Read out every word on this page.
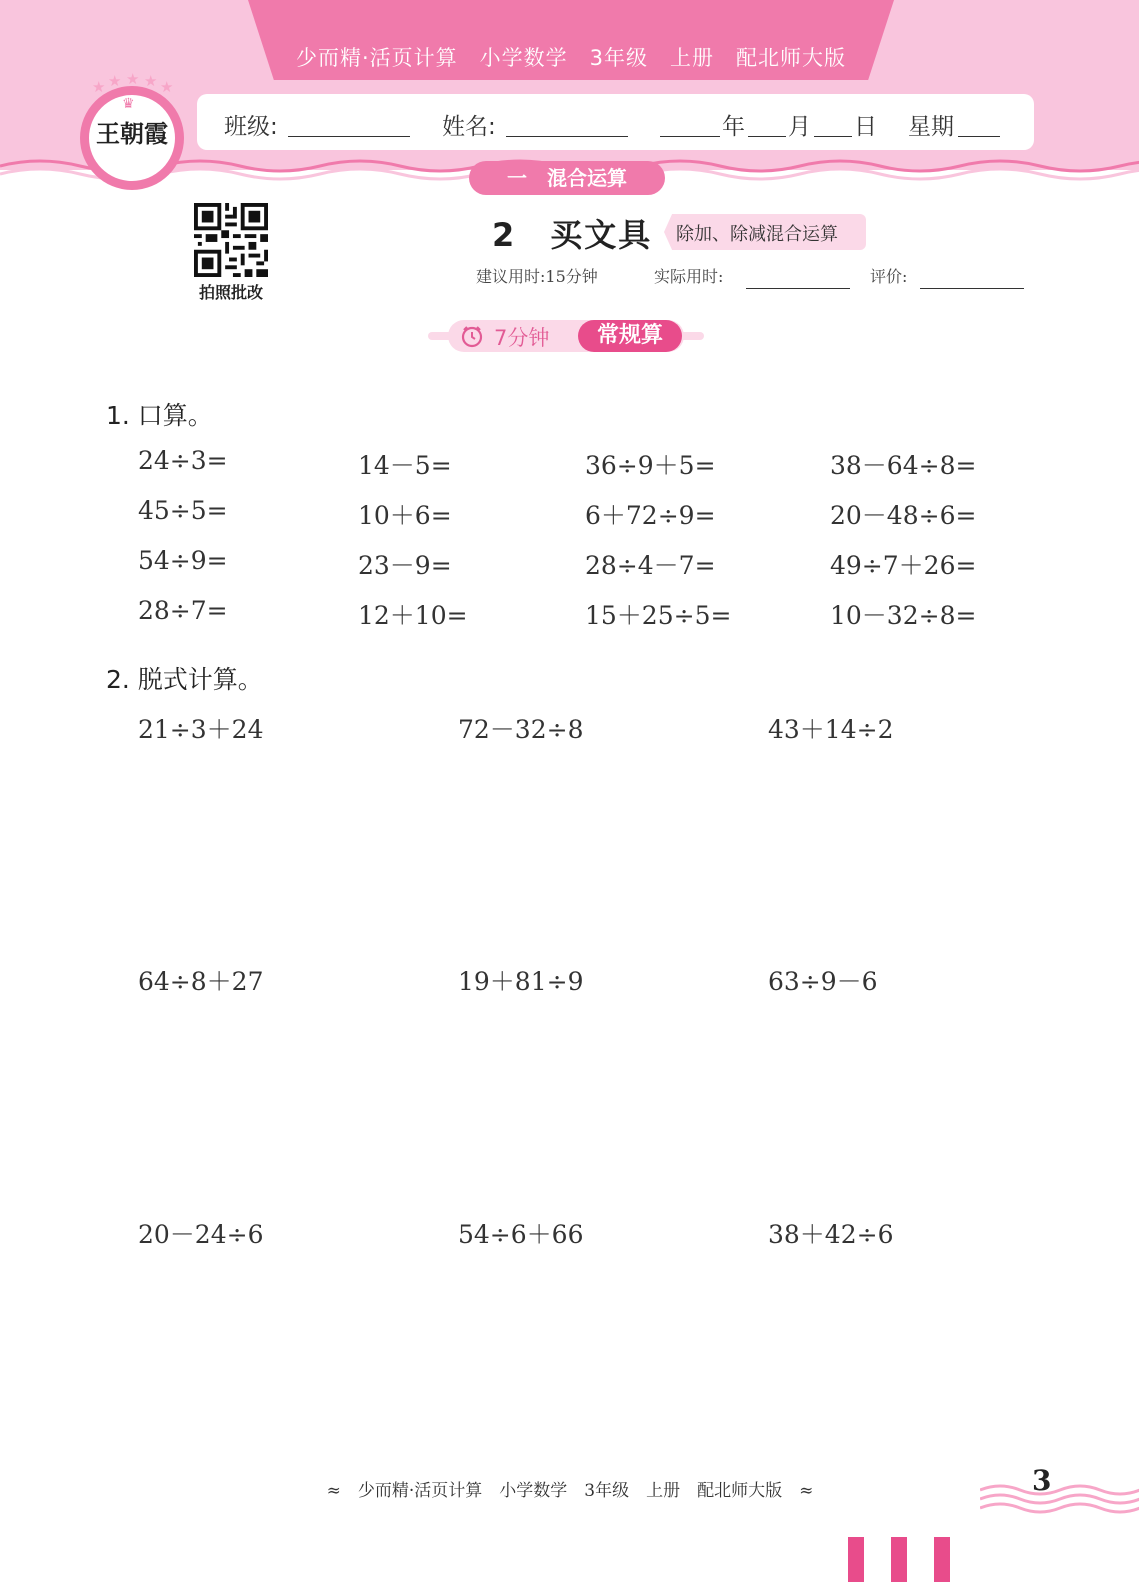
少而精·活页计算　小学数学　3年级　上册　配北师大版
班级:	姓名:	年 月 日 星期
★ ★ ★ ★ ★
♛
王朝霞
一　混合运算
拍照批改
2　买文具 除加、除减混合运算
建议用时:15分钟	实际用时:	评价:
7分钟	常规算
1. 口算。
24÷3=	14－5=	36÷9＋5=	38－64÷8=
45÷5=	10＋6=	6＋72÷9=	20－48÷6=
54÷9=	23－9=	28÷4－7=	49÷7＋26=
28÷7=	12＋10=	15＋25÷5=	10－32÷8=
2. 脱式计算。
21÷3＋24	72－32÷8	43＋14÷2
64÷8＋27	19＋81÷9	63÷9－6
20－24÷6	54÷6＋66	38＋42÷6
≈　少而精·活页计算　小学数学　3年级　上册　配北师大版　≈	3
